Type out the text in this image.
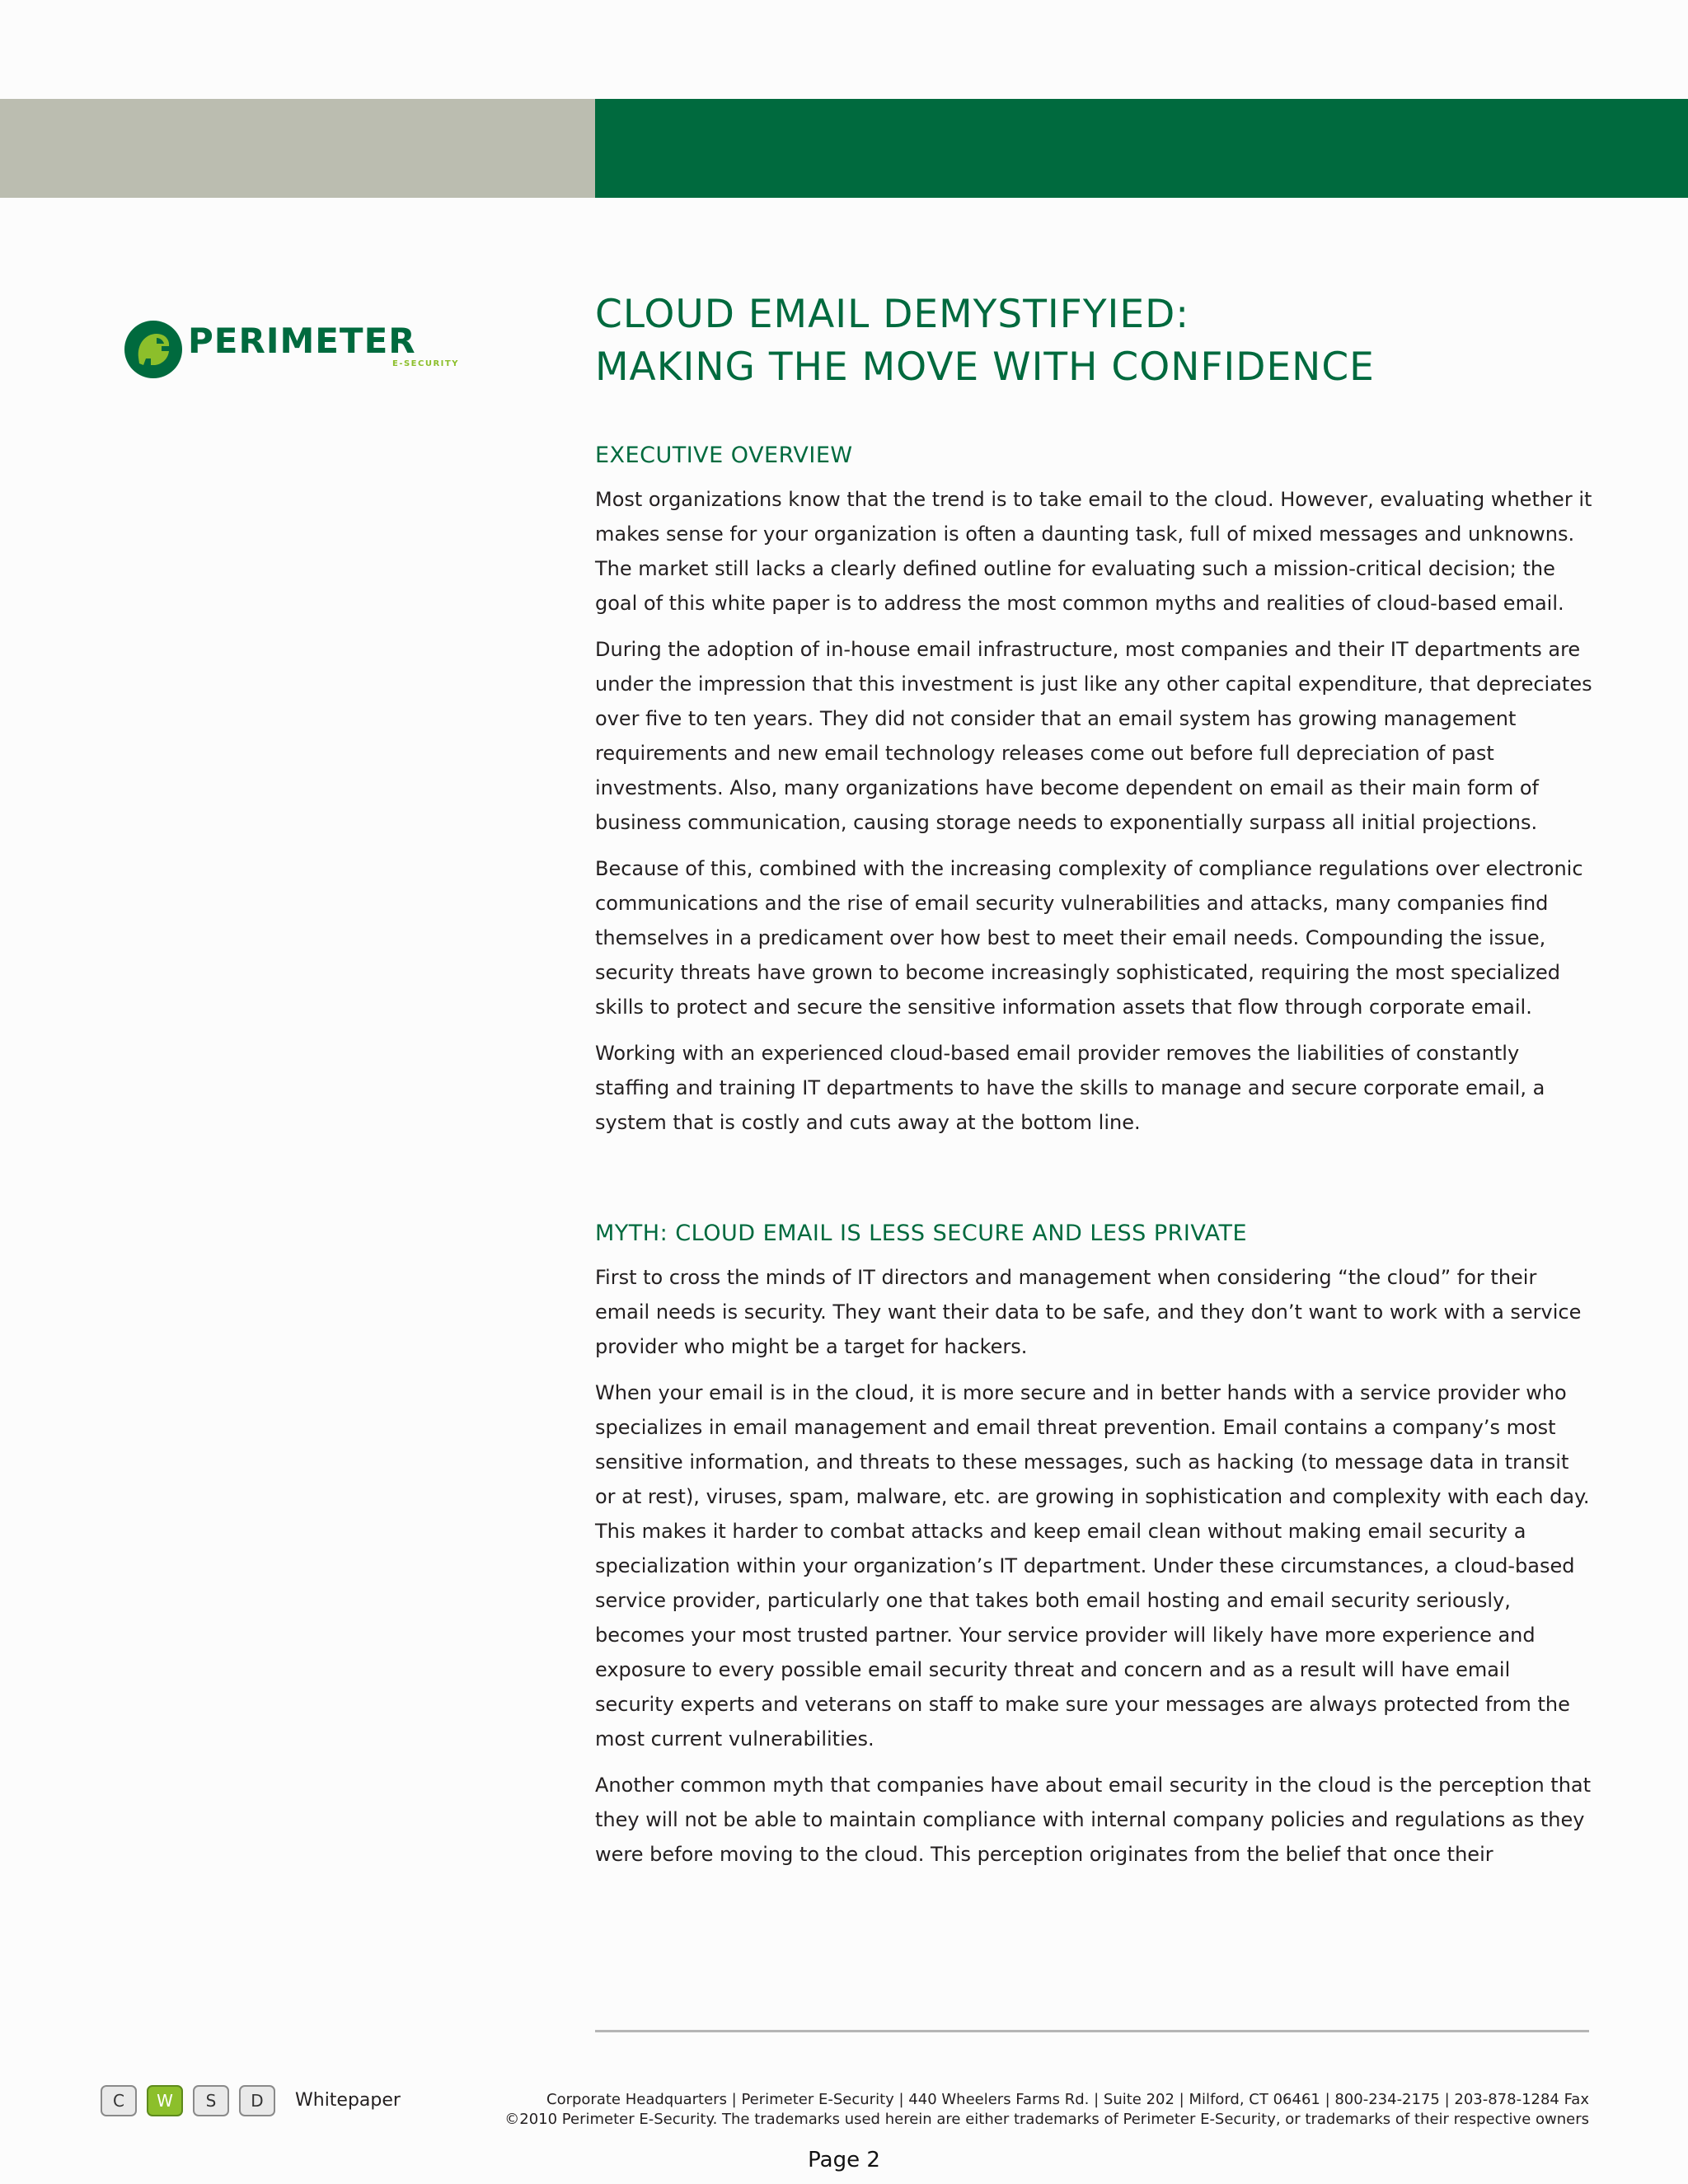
PERIMETER
E-SECURITY
CLOUD EMAIL DEMYSTIFYIED:
MAKING THE MOVE WITH CONFIDENCE
EXECUTIVE OVERVIEW

Most organizations know that the trend is to take email to the cloud. However, evaluating whether it makes sense for your organization is often a daunting task, full of mixed messages and unknowns. The market still lacks a clearly defined outline for evaluating such a mission-critical decision; the goal of this white paper is to address the most common myths and realities of cloud-based email.

During the adoption of in-house email infrastructure, most companies and their IT departments are under the impression that this investment is just like any other capital expenditure, that depreciates over five to ten years. They did not consider that an email system has growing management requirements and new email technology releases come out before full depreciation of past investments. Also, many organizations have become dependent on email as their main form of business communication, causing storage needs to exponentially surpass all initial projections.

Because of this, combined with the increasing complexity of compliance regulations over electronic communications and the rise of email security vulnerabilities and attacks, many companies find themselves in a predicament over how best to meet their email needs. Compounding the issue, security threats have grown to become increasingly sophisticated, requiring the most specialized skills to protect and secure the sensitive information assets that flow through corporate email.

Working with an experienced cloud-based email provider removes the liabilities of constantly staffing and training IT departments to have the skills to manage and secure corporate email, a system that is costly and cuts away at the bottom line.

MYTH: CLOUD EMAIL IS LESS SECURE AND LESS PRIVATE

First to cross the minds of IT directors and management when considering “the cloud” for their email needs is security. They want their data to be safe, and they don’t want to work with a service provider who might be a target for hackers.

When your email is in the cloud, it is more secure and in better hands with a service provider who specializes in email management and email threat prevention. Email contains a company’s most sensitive information, and threats to these messages, such as hacking (to message data in transit or at rest), viruses, spam, malware, etc. are growing in sophistication and complexity with each day. This makes it harder to combat attacks and keep email clean without making email security a specialization within your organization’s IT department. Under these circumstances, a cloud-based service provider, particularly one that takes both email hosting and email security seriously, becomes your most trusted partner. Your service provider will likely have more experience and exposure to every possible email security threat and concern and as a result will have email security experts and veterans on staff to make sure your messages are always protected from the most current vulnerabilities.

Another common myth that companies have about email security in the cloud is the perception that they will not be able to maintain compliance with internal company policies and regulations as they were before moving to the cloud. This perception originates from the belief that once their

C	W	S	D	Whitepaper	Corporate Headquarters | Perimeter E-Security | 440 Wheelers Farms Rd. | Suite 202 | Milford, CT 06461 | 800-234-2175 | 203-878-1284 Fax
©2010 Perimeter E-Security. The trademarks used herein are either trademarks of Perimeter E-Security, or trademarks of their respective owners
Page 2
